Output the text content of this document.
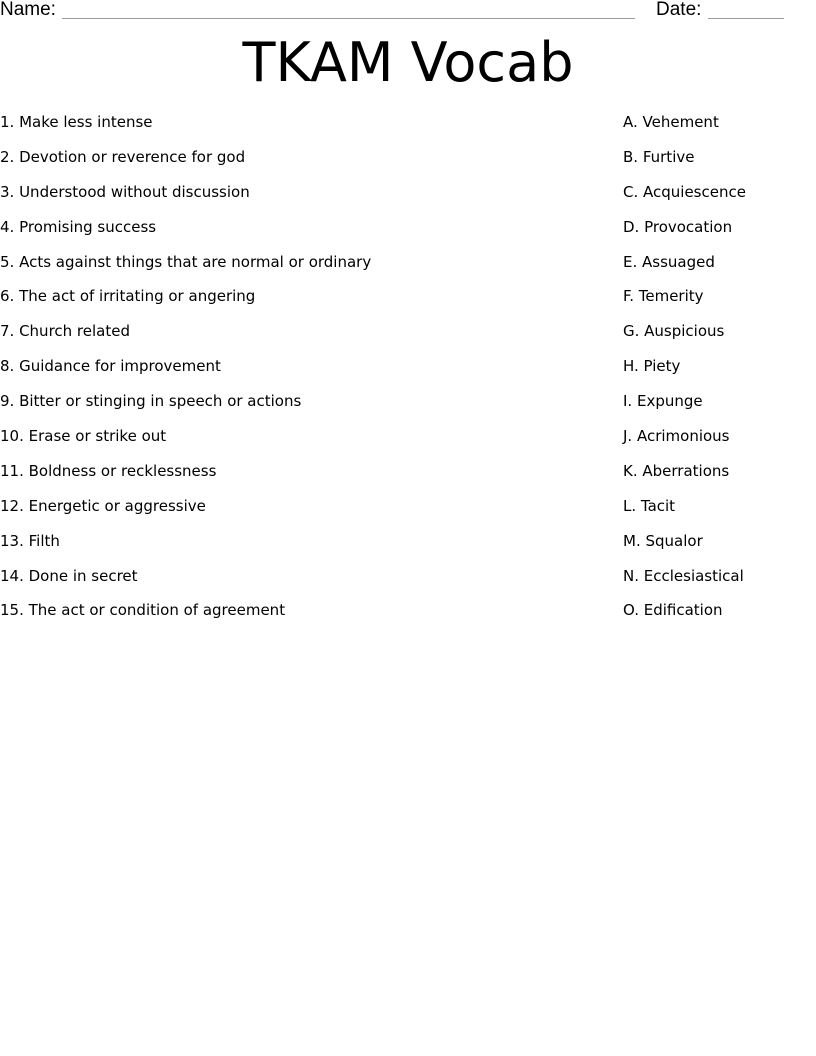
Name:	Date:
TKAM Vocab
1. Make less intense	A. Vehement
2. Devotion or reverence for god	B. Furtive
3. Understood without discussion	C. Acquiescence
4. Promising success	D. Provocation
5. Acts against things that are normal or ordinary	E. Assuaged
6. The act of irritating or angering	F. Temerity
7. Church related	G. Auspicious
8. Guidance for improvement	H. Piety
9. Bitter or stinging in speech or actions	I. Expunge
10. Erase or strike out	J. Acrimonious
11. Boldness or recklessness	K. Aberrations
12. Energetic or aggressive	L. Tacit
13. Filth	M. Squalor
14. Done in secret	N. Ecclesiastical
15. The act or condition of agreement	O. Edification
